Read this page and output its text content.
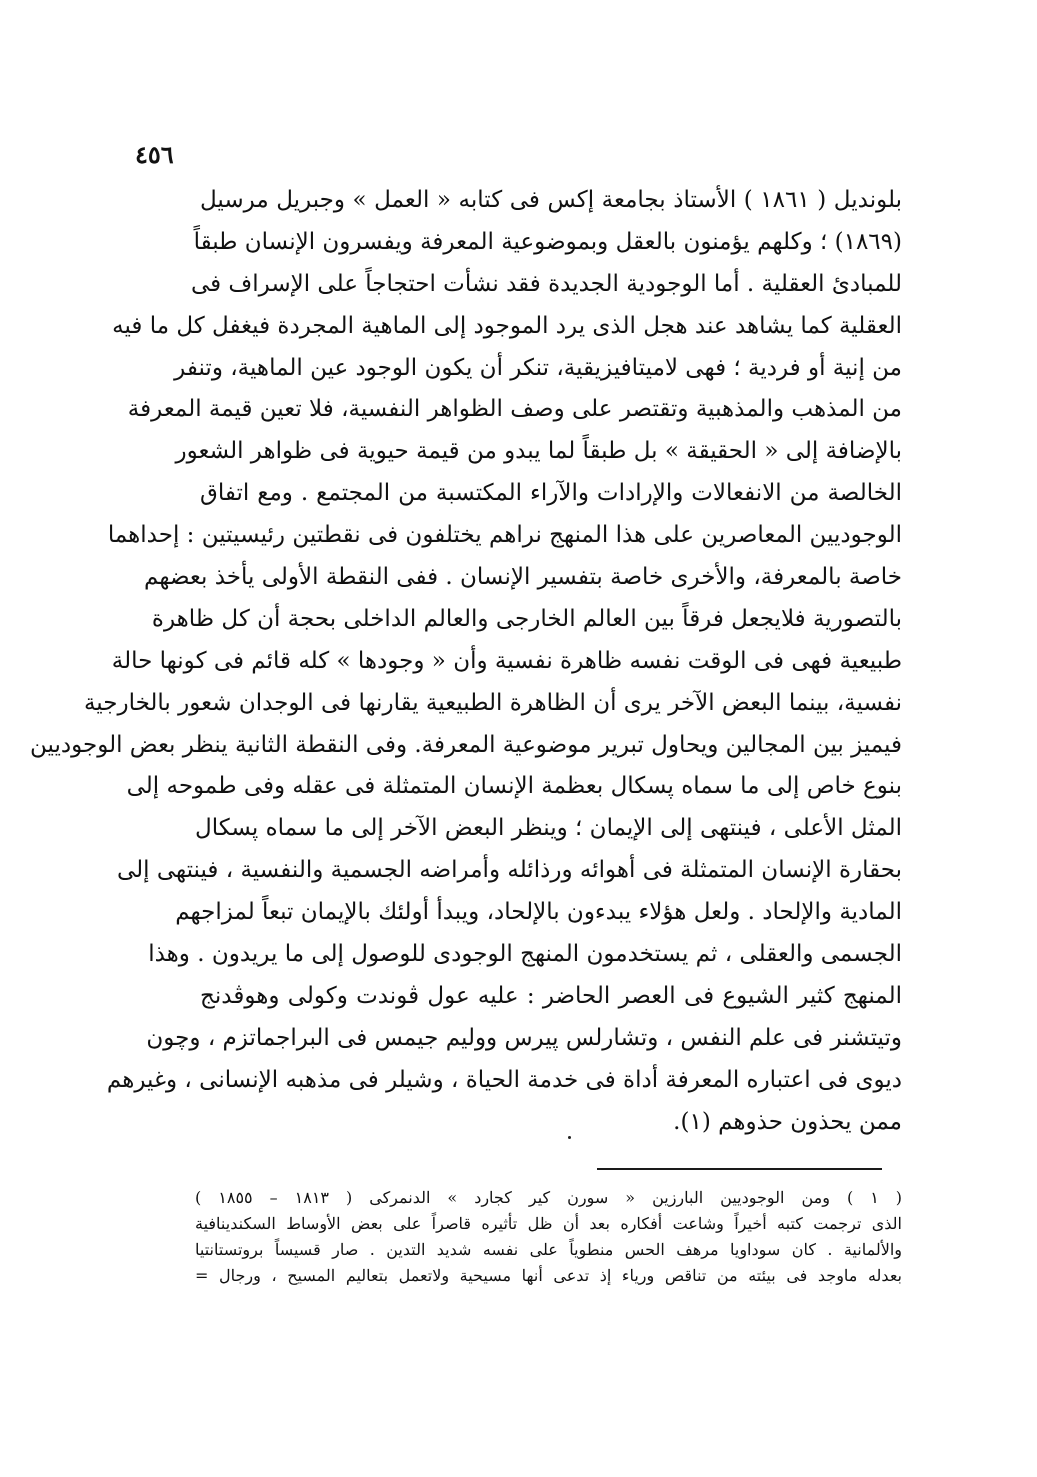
٤٥٦
بلونديل ( ١٨٦١ ) الأستاذ بجامعة إكس فى كتابه « العمل » وجبريل مرسيل
(١٨٦٩) ؛ وكلهم يؤمنون بالعقل وبموضوعية المعرفة ويفسرون الإنسان طبقاً
للمبادئ العقلية . أما الوجودية الجديدة فقد نشأت احتجاجاً على الإسراف فى
العقلية كما يشاهد عند هجل الذى يرد الموجود إلى الماهية المجردة فيغفل كل ما فيه
من إنية أو فردية ؛ فهى لاميتافيزيقية، تنكر أن يكون الوجود عين الماهية، وتنفر
من المذهب والمذهبية وتقتصر على وصف الظواهر النفسية، فلا تعين قيمة المعرفة
بالإضافة إلى « الحقيقة » بل طبقاً لما يبدو من قيمة حيوية فى ظواهر الشعور
الخالصة من الانفعالات والإرادات والآراء المكتسبة من المجتمع . ومع اتفاق
الوجوديين المعاصرين على هذا المنهج نراهم يختلفون فى نقطتين رئيسيتين : إحداهما
خاصة بالمعرفة، والأخرى خاصة بتفسير الإنسان . ففى النقطة الأولى يأخذ بعضهم
بالتصورية فلايجعل فرقاً بين العالم الخارجى والعالم الداخلى بحجة أن كل ظاهرة
طبيعية فهى فى الوقت نفسه ظاهرة نفسية وأن « وجودها » كله قائم فى كونها حالة
نفسية، بينما البعض الآخر يرى أن الظاهرة الطبيعية يقارنها فى الوجدان شعور بالخارجية
فيميز بين المجالين ويحاول تبرير موضوعية المعرفة. وفى النقطة الثانية ينظر بعض الوجوديين
بنوع خاص إلى ما سماه پسكال بعظمة الإنسان المتمثلة فى عقله وفى طموحه إلى
المثل الأعلى ، فينتهى إلى الإيمان ؛ وينظر البعض الآخر إلى ما سماه پسكال
بحقارة الإنسان المتمثلة فى أهوائه ورذائله وأمراضه الجسمية والنفسية ، فينتهى إلى
المادية والإلحاد . ولعل هؤلاء يبدءون بالإلحاد، ويبدأ أولئك بالإيمان تبعاً لمزاجهم
الجسمى والعقلى ، ثم يستخدمون المنهج الوجودى للوصول إلى ما يريدون . وهذا
المنهج كثير الشيوع فى العصر الحاضر : عليه عول ڤوندت وكولى وهوڤدنج
وتيتشنر فى علم النفس ، وتشارلس پيرس ووليم جيمس فى البراجماتزم ، وچون
ديوى فى اعتباره المعرفة أداة فى خدمة الحياة ، وشيلر فى مذهبه الإنسانى ، وغيرهم
ممن يحذون حذوهم (١).
( ١ ) ومن الوجوديين البارزين « سورن كير كجارد » الدنمركى ( ١٨١٣ – ١٨٥٥ )
الذى ترجمت كتبه أخيراً وشاعت أفكاره بعد أن ظل تأثيره قاصراً على بعض الأوساط السكندينافية
والألمانية . كان سوداويا مرهف الحس منطوياً على نفسه شديد التدين . صار قسيساً بروتستانتيا
بعدله ماوجد فى بيئته من تناقص ورياء إذ تدعى أنها مسيحية ولاتعمل بتعاليم المسيح ، ورجال =
